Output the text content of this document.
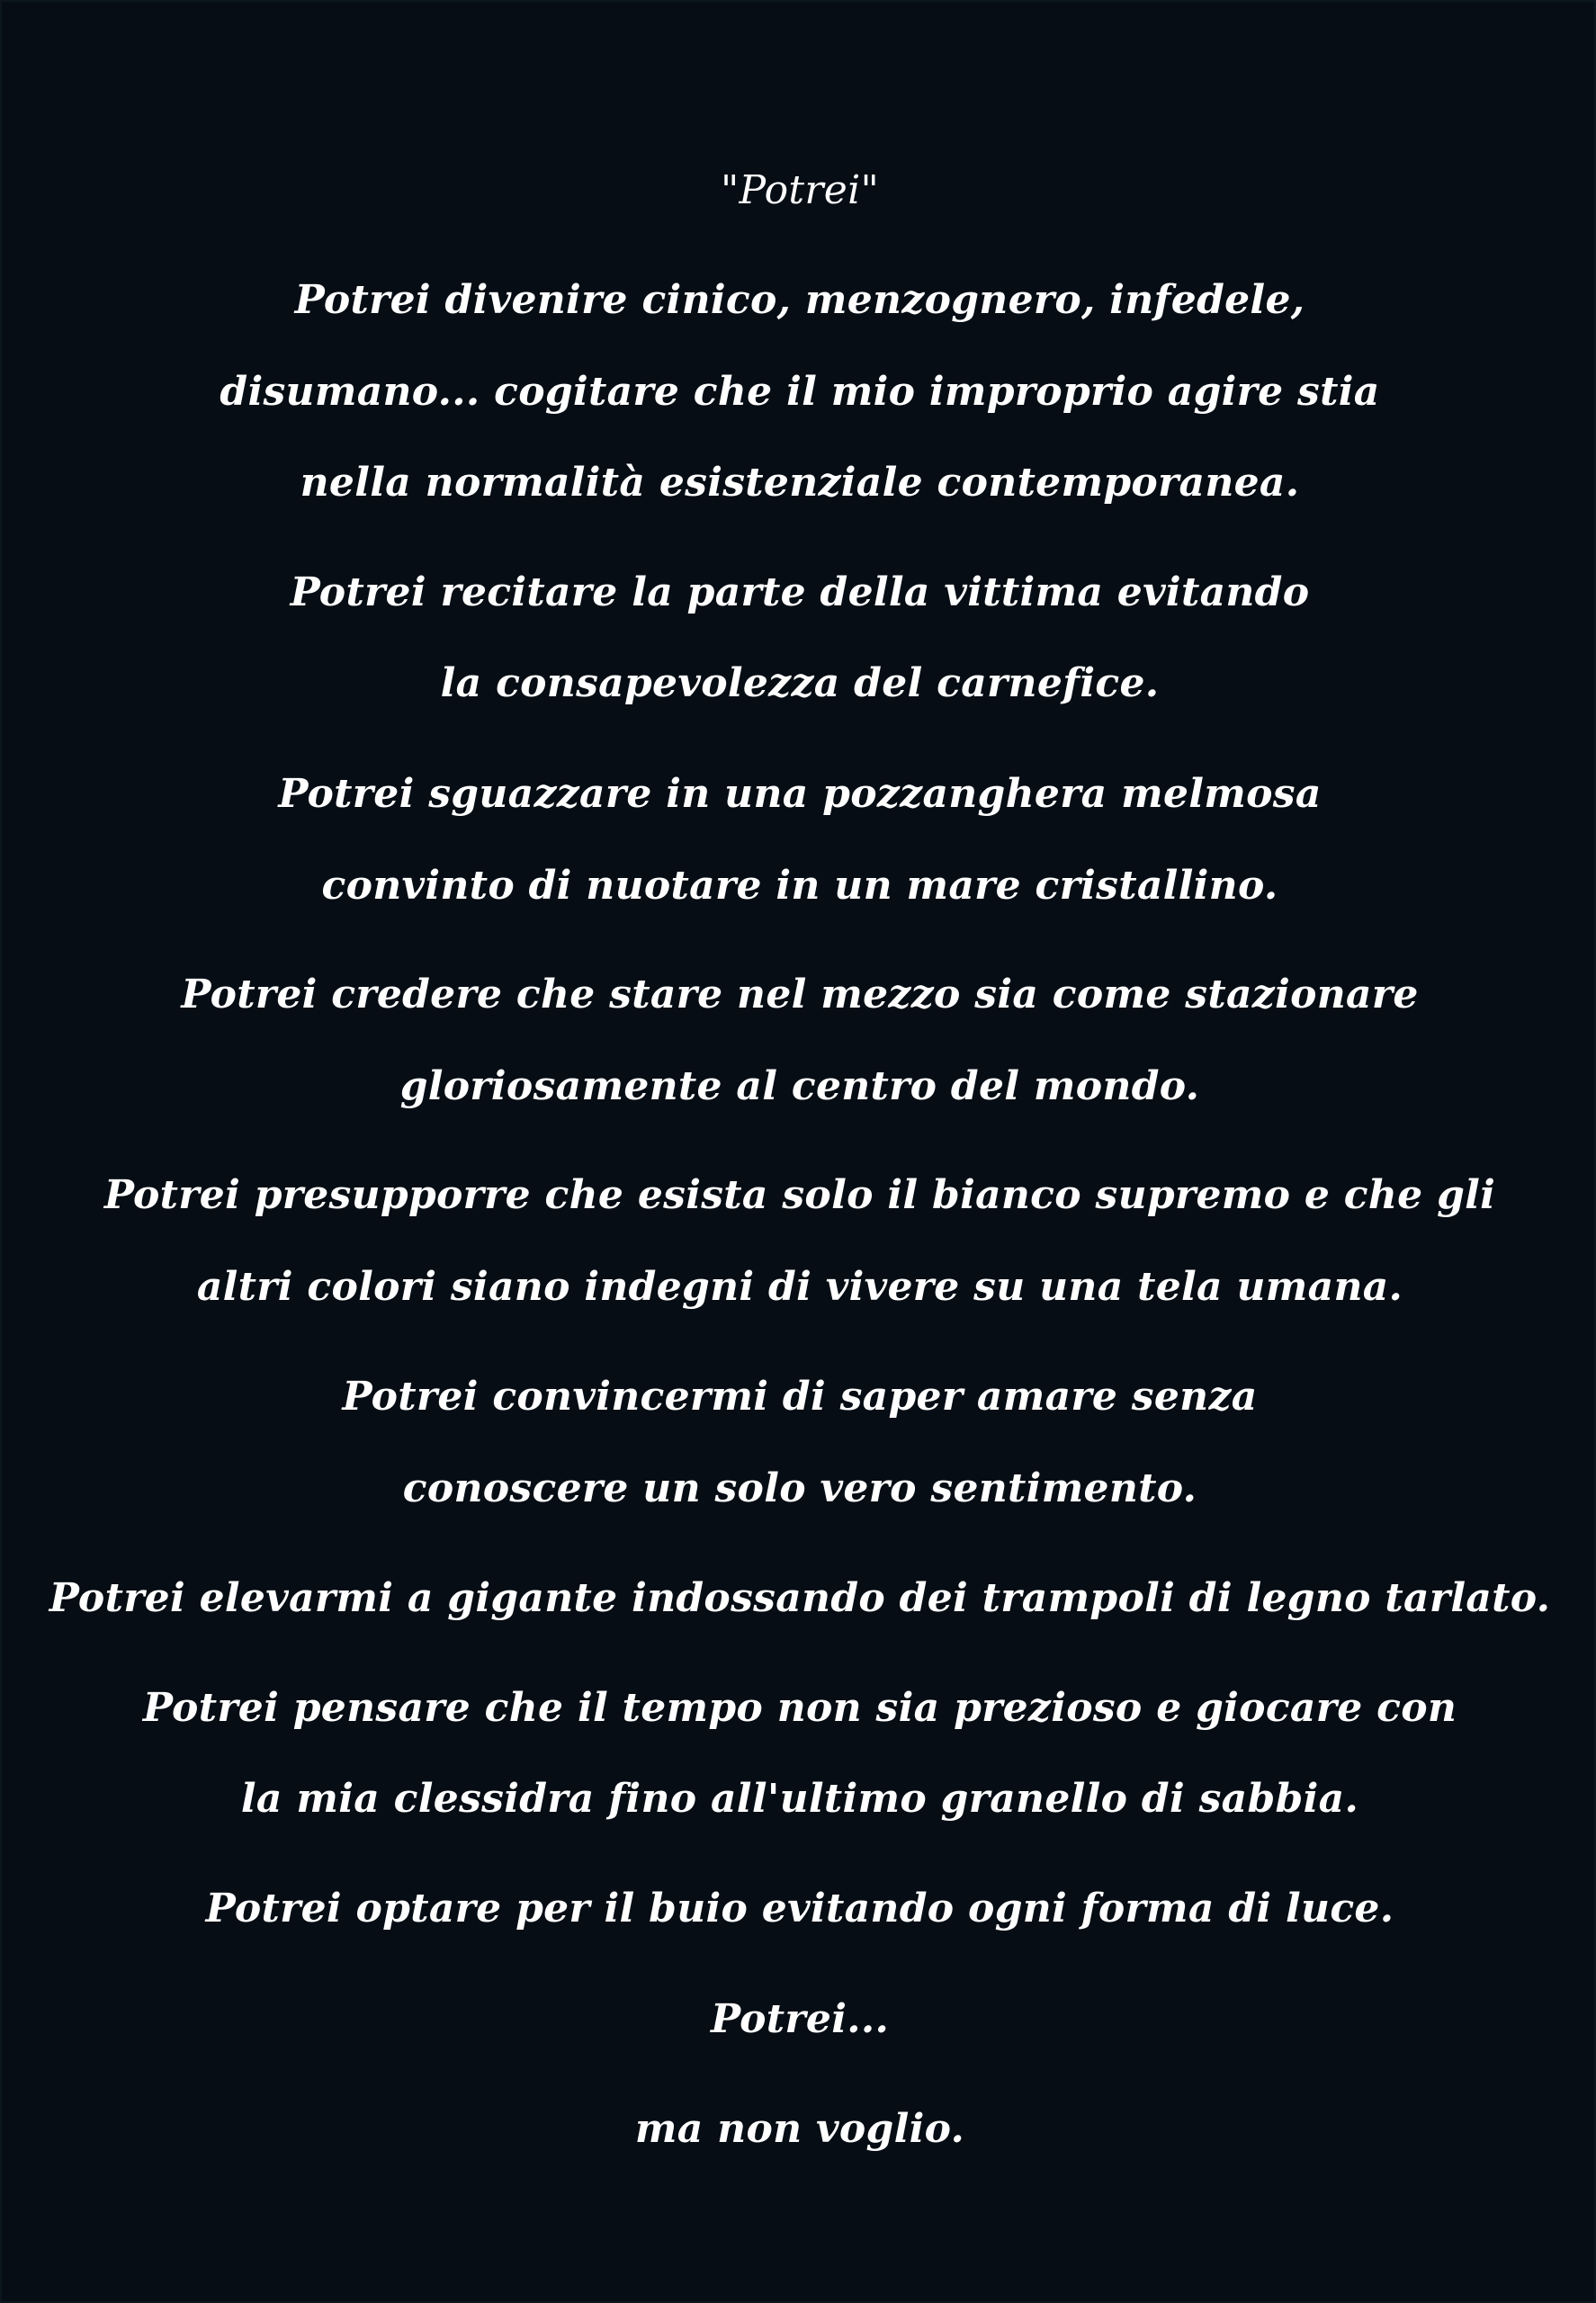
"Potrei"
Potrei divenire cinico, menzognero, infedele,
disumano... cogitare che il mio improprio agire stia
nella normalità esistenziale contemporanea.
Potrei recitare la parte della vittima evitando
la consapevolezza del carnefice.
Potrei sguazzare in una pozzanghera melmosa
convinto di nuotare in un mare cristallino.
Potrei credere che stare nel mezzo sia come stazionare
gloriosamente al centro del mondo.
Potrei presupporre che esista solo il bianco supremo e che gli
altri colori siano indegni di vivere su una tela umana.
Potrei convincermi di saper amare senza
conoscere un solo vero sentimento.
Potrei elevarmi a gigante indossando dei trampoli di legno tarlato.
Potrei pensare che il tempo non sia prezioso e giocare con
la mia clessidra fino all'ultimo granello di sabbia.
Potrei optare per il buio evitando ogni forma di luce.
Potrei...
ma non voglio.
